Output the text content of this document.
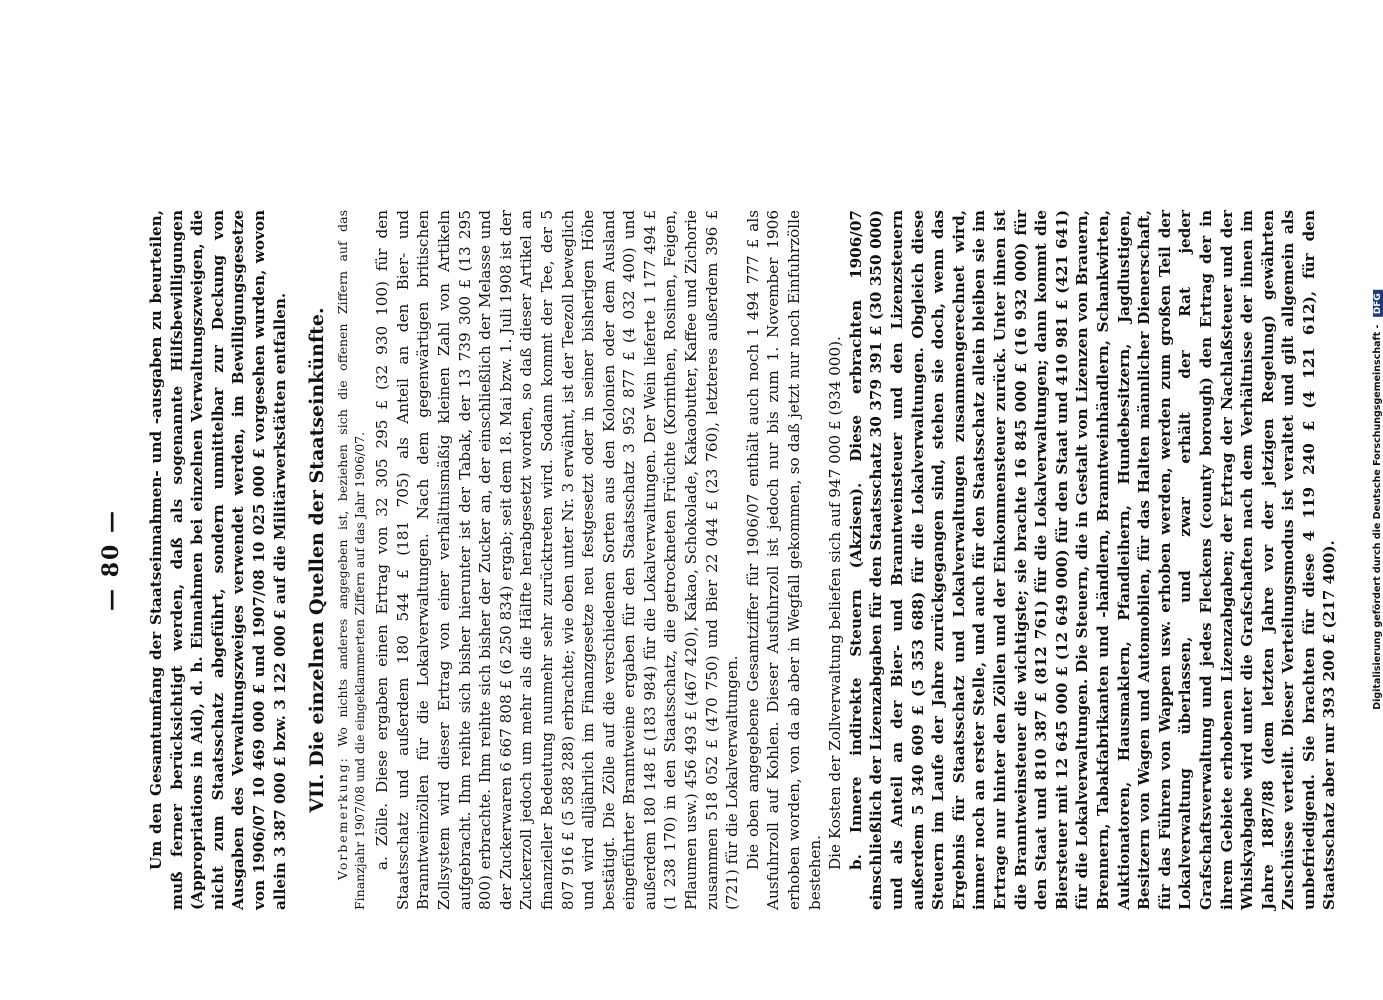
— 80 — Um den Gesamtumfang der Staatseinnahmen- und -ausgaben zu beurteilen, muß ferner berücksichtigt werden, daß als sogenannte Hilfsbewilligungen (Appropriations in Aid), d. h. Einnahmen bei einzelnen Verwaltungszweigen, die nicht zum Staatsschatz abgeführt, sondern unmittelbar zur Deckung von Ausgaben des Verwaltungszweiges verwendet werden, im Bewilligungsgesetze von 1906/07 10 469 000 £ und 1907/08 10 025 000 £ vorgesehen wurden, wovon allein 3 387 000 £ bzw. 3 122 000 £ auf die Militärwerkstätten entfallen. VII. Die einzelnen Quellen der Staatseinkünfte.

Vorbemerkung: Wo nichts anderes angegeben ist, beziehen sich die offenen Ziffern auf das Finanzjahr 1907/08 und die eingeklammerten Ziffern auf das Jahr 1906/07. a. Zölle. Diese ergaben einen Ertrag von 32 305 295 £ (32 930 100) für den Staatsschatz und außerdem 180 544 £ (181 705) als Anteil an den Bier- und Branntweinzöllen für die Lokalverwaltungen. Nach dem gegenwärtigen britischen Zollsystem wird dieser Ertrag von einer verhältnismäßig kleinen Zahl von Artikeln aufgebracht. Ihm reihte sich bisher hierunter ist der Tabak, der 13 739 300 £ (13 295 800) erbrachte. Ihm reihte sich bisher der Zucker an, der einschließlich der Melasse und der Zuckerwaren 6 667 808 £ (6 250 834) ergab; seit dem 18. Mai bzw. 1. Juli 1908 ist der Zuckerzoll jedoch um mehr als die Hälfte herabgesetzt worden, so daß dieser Artikel an finanzieller Bedeutung nunmehr sehr zurücktreten wird. Sodann kommt der Tee, der 5 807 916 £ (5 588 288) erbrachte; wie oben unter Nr. 3 erwähnt, ist der Teezoll beweglich und wird alljährlich im Finanzgesetze neu festgesetzt oder in seiner bisherigen Höhe bestätigt. Die Zölle auf die verschiedenen Sorten aus den Kolonien oder dem Ausland eingeführter Branntweine ergaben für den Staatsschatz 3 952 877 £ (4 032 400) und außerdem 180 148 £ (183 984) für die Lokalverwaltungen. Der Wein lieferte 1 177 494 £ (1 238 170) in den Staatsschatz, die getrockneten Früchte (Korinthen, Rosinen, Feigen, Pflaumen usw.) 456 493 £ (467 420), Kakao, Schokolade, Kakaobutter, Kaffee und Zichorie zusammen 518 052 £ (470 750) und Bier 22 044 £ (23 760), letzteres außerdem 396 £ (721) für die Lokalverwaltungen. Die oben angegebene Gesamtziffer für 1906/07 enthält auch noch 1 494 777 £ als Ausfuhrzoll auf Kohlen. Dieser Ausfuhrzoll ist jedoch nur bis zum 1. November 1906 erhoben worden, von da ab aber in Wegfall gekommen, so daß jetzt nur noch Einfuhrzölle bestehen.

Die Kosten der Zollverwaltung beliefen sich auf 947 000 £ (934 000). b. Innere indirekte Steuern (Akzisen). Diese erbrachten 1906/07 einschließlich der Lizenzabgaben für den Staatsschatz 30 379 391 £ (30 350 000) und als Anteil an der Bier- und Branntweinsteuer und den Lizenzsteuern außerdem 5 340 609 £ (5 353 688) für die Lokalverwaltungen. Obgleich diese Steuern im Laufe der Jahre zurückgegangen sind, stehen sie doch, wenn das Ergebnis für Staatsschatz und Lokalverwaltungen zusammengerechnet wird, immer noch an erster Stelle, und auch für den Staatsschatz allein bleiben sie im Ertrage nur hinter den Zöllen und der Einkommensteuer zurück. Unter ihnen ist die Branntweinsteuer die wichtigste; sie brachte 16 845 000 £ (16 932 000) für den Staat und 810 387 £ (812 761) für die Lokalverwaltungen; dann kommt die Biersteuer mit 12 645 000 £ (12 649 000) für den Staat und 410 981 £ (421 641) für die Lokalverwaltungen. Die Steuern, die in Gestalt von Lizenzen von Brauern, Brennern, Tabakfabrikanten und -händlern, Branntweinhändlern, Schankwirten, Auktionatoren, Hausmaklern, Pfandleihern, Hundebesitzern, Jagdlustigen, Besitzern von Wagen und Automobilen, für das Halten männlicher Dienerschaft, für das Führen von Wappen usw. erhoben werden, werden zum großen Teil der Lokalverwaltung überlassen, und zwar erhält der Rat jeder Grafschaftsverwaltung und jedes Fleckens (county borough) den Ertrag der in ihrem Gebiete erhobenen Lizenzabgaben; der Ertrag der Nachlaßsteuer und der Whiskyabgabe wird unter die Grafschaften nach dem Verhältnisse der ihnen im Jahre 1887/88 (dem letzten Jahre vor der jetzigen Regelung) gewährten Zuschüsse verteilt. Dieser Verteilungsmodus ist veraltet und gilt allgemein als unbefriedigend. Sie brachten für diese 4 119 240 £ (4 121 612), für den Staatsschatz aber nur 393 200 £ (217 400).

Digitalisierung gefördert durch die Deutsche Forschungsgemeinschaft - DFG
